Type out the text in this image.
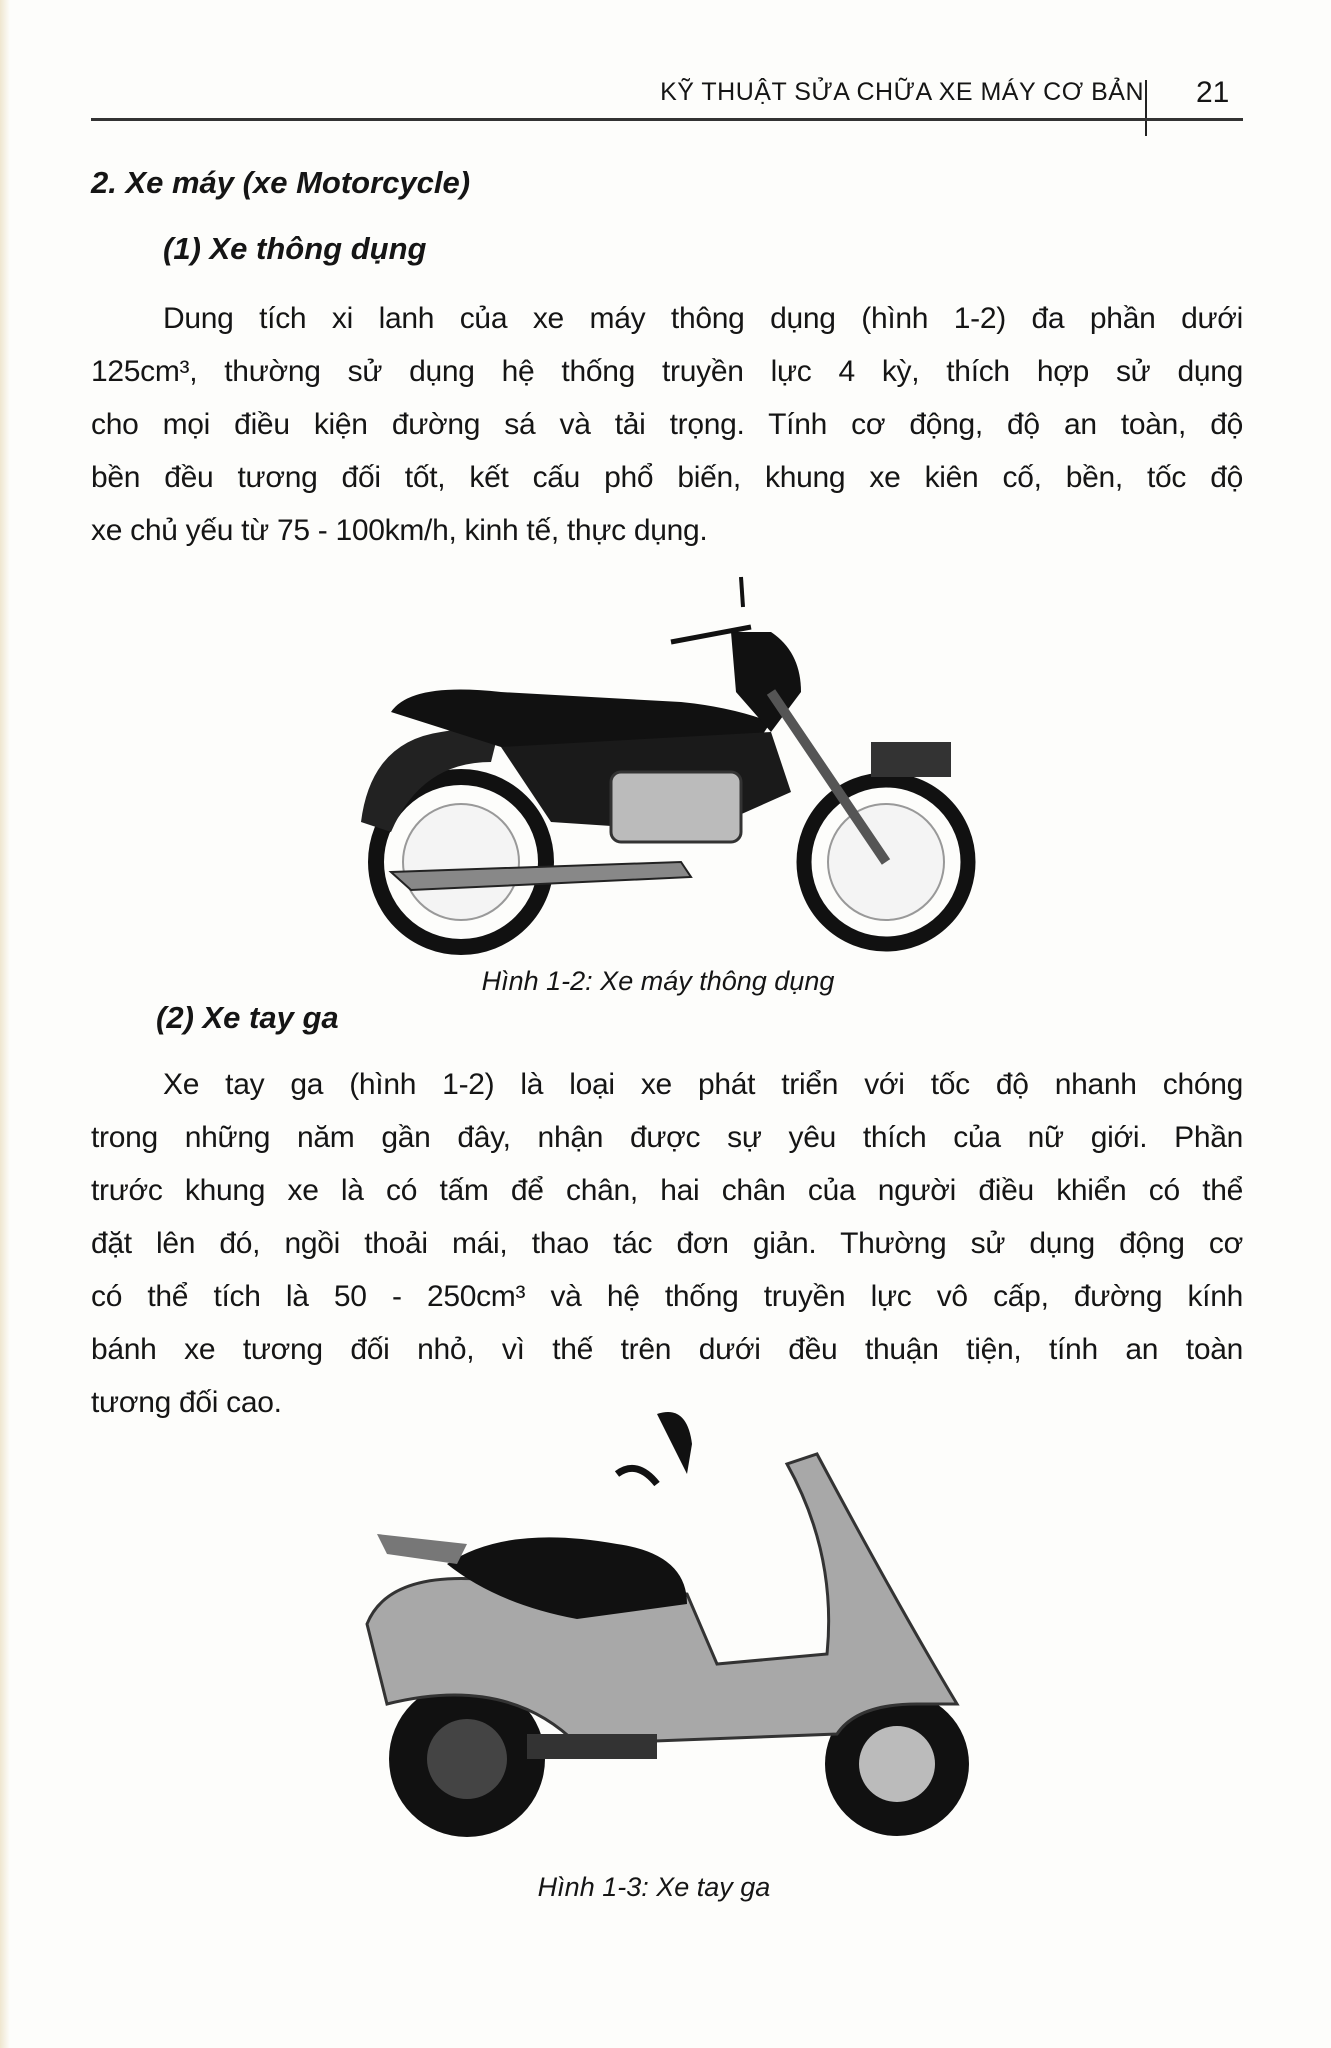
KỸ THUẬT SỬA CHỮA XE MÁY CƠ BẢN 21
2. Xe máy (xe Motorcycle)
(1) Xe thông dụng
Dung tích xi lanh của xe máy thông dụng (hình 1-2) đa phần dưới
125cm³, thường sử dụng hệ thống truyền lực 4 kỳ, thích hợp sử dụng
cho mọi điều kiện đường sá và tải trọng. Tính cơ động, độ an toàn, độ
bền đều tương đối tốt, kết cấu phổ biến, khung xe kiên cố, bền, tốc độ
xe chủ yếu từ 75 - 100km/h, kinh tế, thực dụng.
Hình 1-2: Xe máy thông dụng
(2) Xe tay ga
Xe tay ga (hình 1-2) là loại xe phát triển với tốc độ nhanh chóng
trong những năm gần đây, nhận được sự yêu thích của nữ giới. Phần
trước khung xe là có tấm để chân, hai chân của người điều khiển có thể
đặt lên đó, ngồi thoải mái, thao tác đơn giản. Thường sử dụng động cơ
có thể tích là 50 - 250cm³ và hệ thống truyền lực vô cấp, đường kính
bánh xe tương đối nhỏ, vì thế trên dưới đều thuận tiện, tính an toàn
tương đối cao.
Hình 1-3: Xe tay ga
